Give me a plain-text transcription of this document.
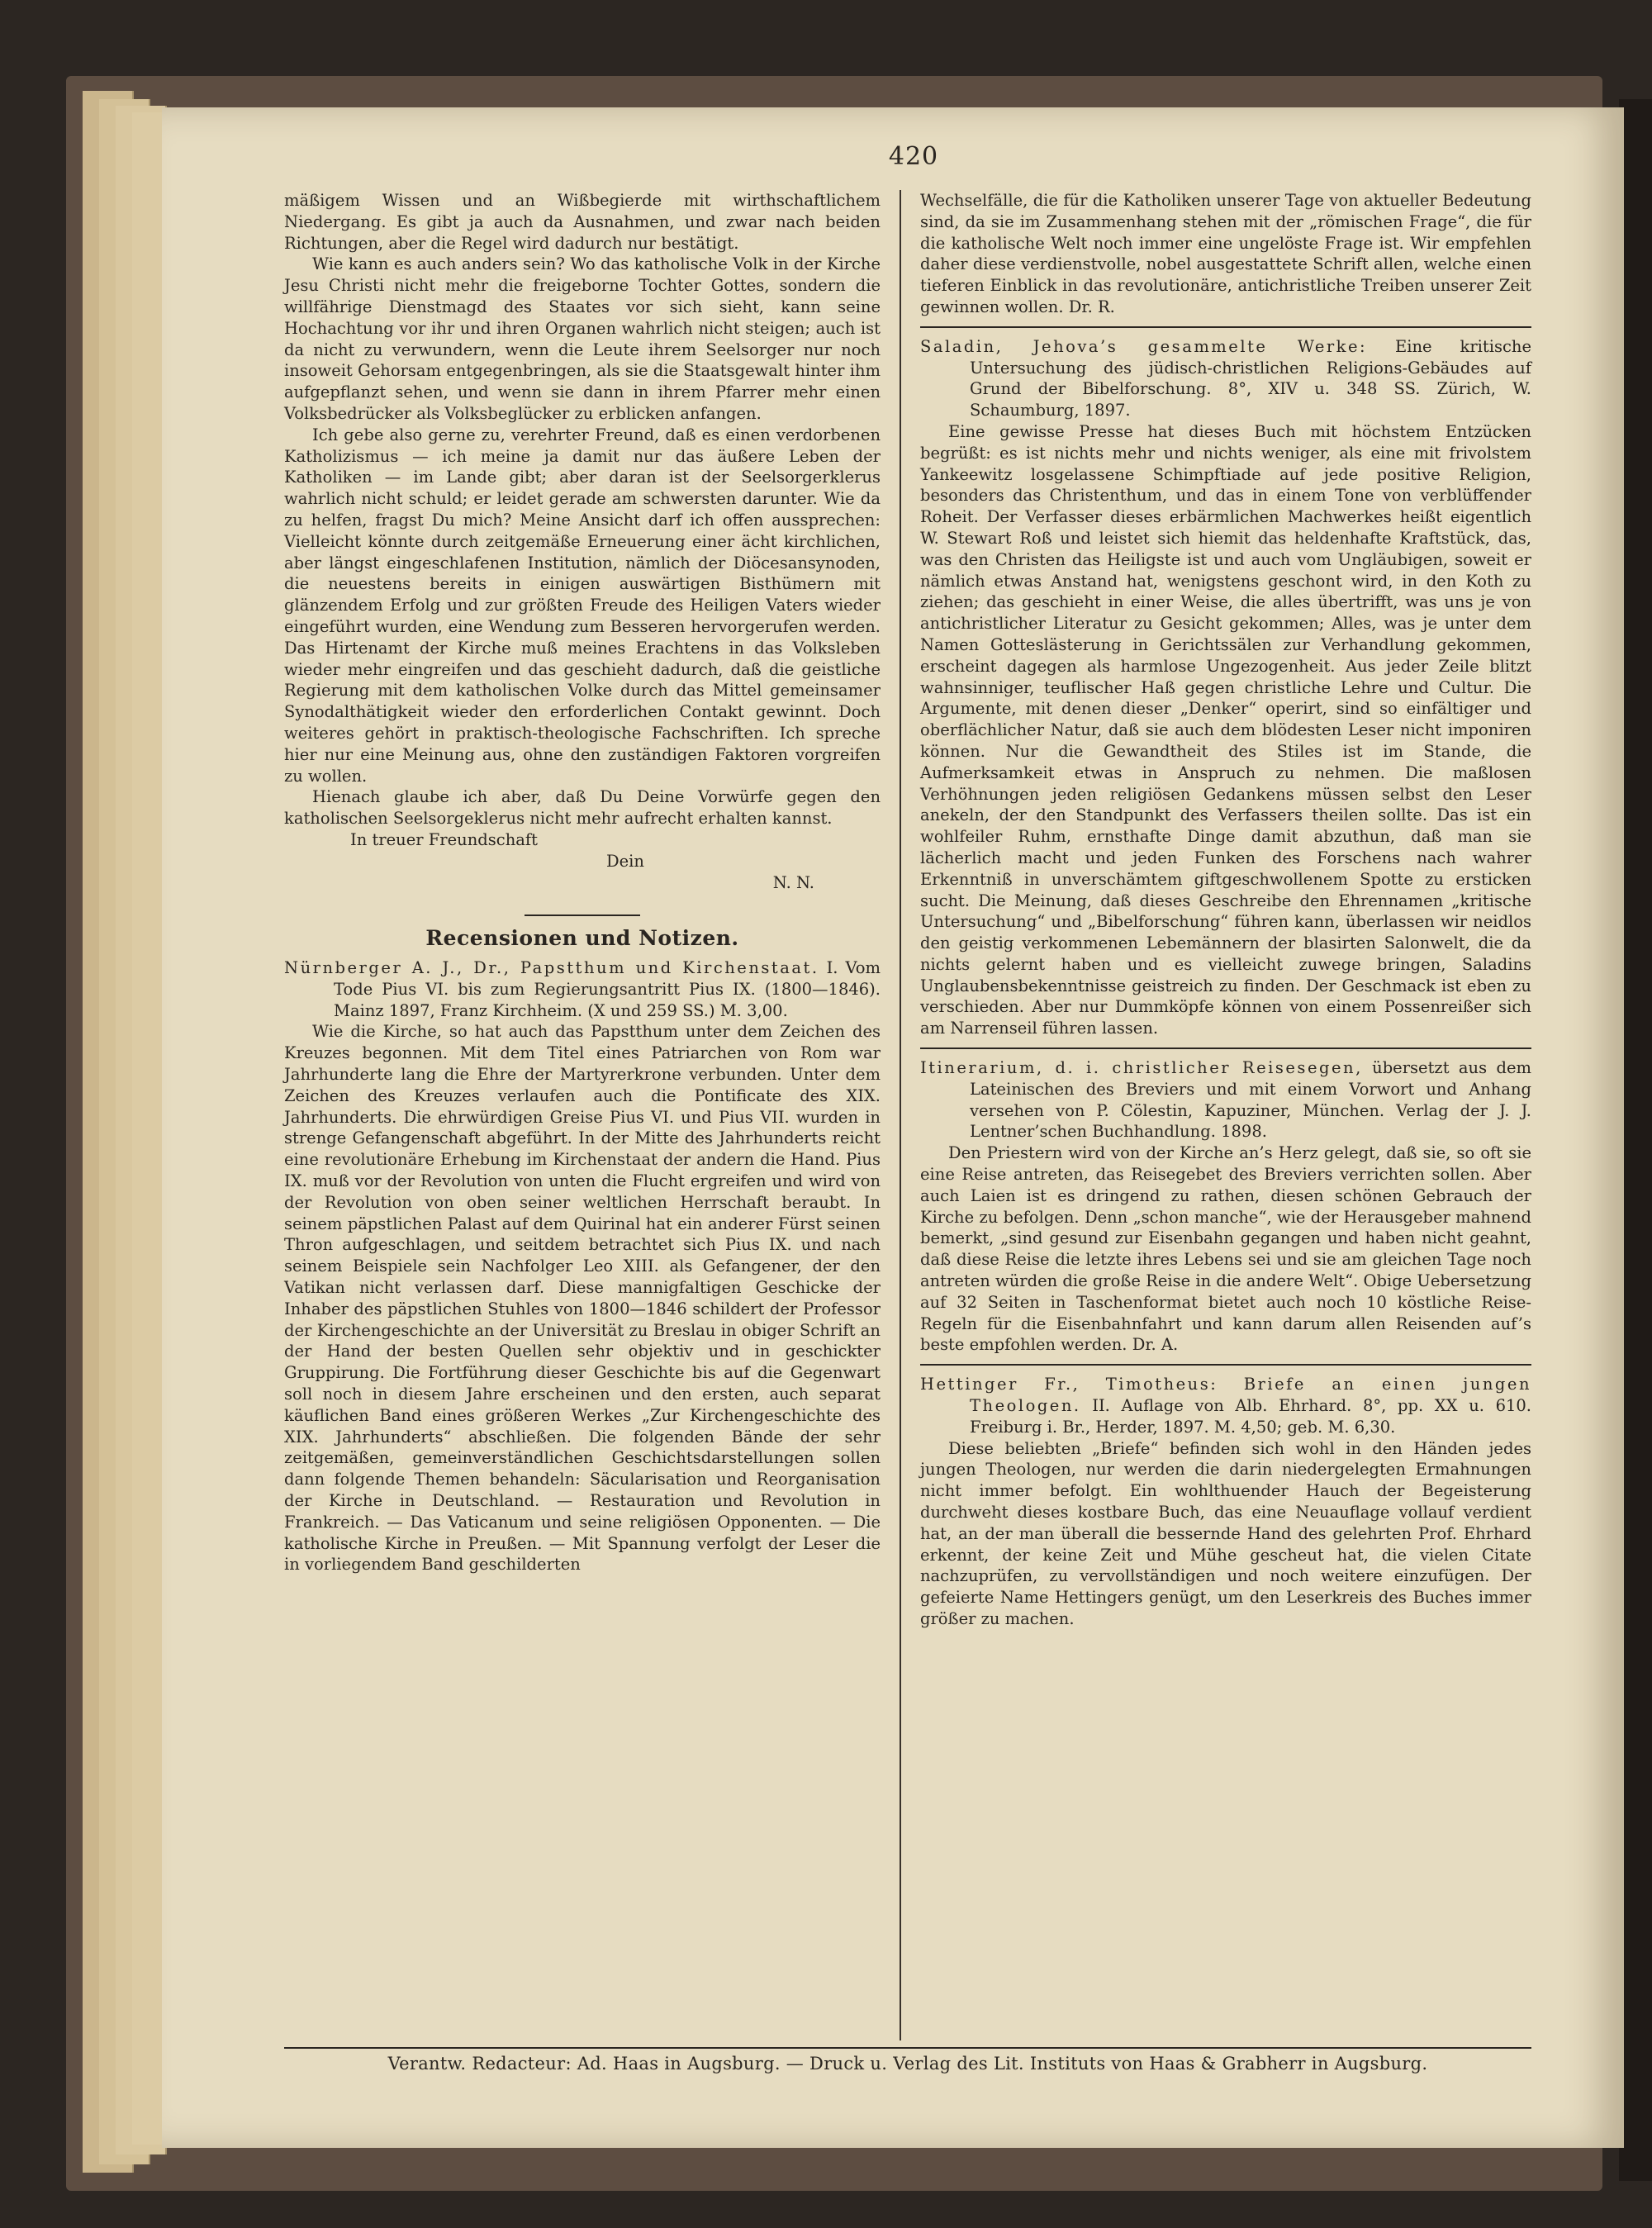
420

mäßigem Wissen und an Wißbegierde mit wirthschaftlichem Niedergang. Es gibt ja auch da Ausnahmen, und zwar nach beiden Richtungen, aber die Regel wird dadurch nur bestätigt.

Wie kann es auch anders sein? Wo das katholische Volk in der Kirche Jesu Christi nicht mehr die freigeborne Tochter Gottes, sondern die willfährige Dienstmagd des Staates vor sich sieht, kann seine Hochachtung vor ihr und ihren Organen wahrlich nicht steigen; auch ist da nicht zu verwundern, wenn die Leute ihrem Seelsorger nur noch insoweit Gehorsam entgegenbringen, als sie die Staatsgewalt hinter ihm aufgepflanzt sehen, und wenn sie dann in ihrem Pfarrer mehr einen Volksbedrücker als Volksbeglücker zu erblicken anfangen.

Ich gebe also gerne zu, verehrter Freund, daß es einen verdorbenen Katholizismus — ich meine ja damit nur das äußere Leben der Katholiken — im Lande gibt; aber daran ist der Seelsorgerklerus wahrlich nicht schuld; er leidet gerade am schwersten darunter. Wie da zu helfen, fragst Du mich? Meine Ansicht darf ich offen aussprechen: Vielleicht könnte durch zeitgemäße Erneuerung einer ächt kirchlichen, aber längst eingeschlafenen Institution, nämlich der Diöcesansynoden, die neuestens bereits in einigen auswärtigen Bisthümern mit glänzendem Erfolg und zur größten Freude des Heiligen Vaters wieder eingeführt wurden, eine Wendung zum Besseren hervorgerufen werden. Das Hirtenamt der Kirche muß meines Erachtens in das Volksleben wieder mehr eingreifen und das geschieht dadurch, daß die geistliche Regierung mit dem katholischen Volke durch das Mittel gemeinsamer Synodalthätigkeit wieder den erforderlichen Contakt gewinnt. Doch weiteres gehört in praktisch-theologische Fachschriften. Ich spreche hier nur eine Meinung aus, ohne den zuständigen Faktoren vorgreifen zu wollen.

Hienach glaube ich aber, daß Du Deine Vorwürfe gegen den katholischen Seelsorgeklerus nicht mehr aufrecht erhalten kannst.

In treuer Freundschaft

Dein

N. N.

Recensionen und Notizen.

Nürnberger A. J., Dr., Papstthum und Kirchenstaat. I. Vom Tode Pius VI. bis zum Regierungsantritt Pius IX. (1800—1846). Mainz 1897, Franz Kirchheim. (X und 259 SS.) M. 3,00.

Wie die Kirche, so hat auch das Papstthum unter dem Zeichen des Kreuzes begonnen. Mit dem Titel eines Patriarchen von Rom war Jahrhunderte lang die Ehre der Martyrerkrone verbunden. Unter dem Zeichen des Kreuzes verlaufen auch die Pontificate des XIX. Jahrhunderts. Die ehrwürdigen Greise Pius VI. und Pius VII. wurden in strenge Gefangenschaft abgeführt. In der Mitte des Jahrhunderts reicht eine revolutionäre Erhebung im Kirchenstaat der andern die Hand. Pius IX. muß vor der Revolution von unten die Flucht ergreifen und wird von der Revolution von oben seiner weltlichen Herrschaft beraubt. In seinem päpstlichen Palast auf dem Quirinal hat ein anderer Fürst seinen Thron aufgeschlagen, und seitdem betrachtet sich Pius IX. und nach seinem Beispiele sein Nachfolger Leo XIII. als Gefangener, der den Vatikan nicht verlassen darf. Diese mannigfaltigen Geschicke der Inhaber des päpstlichen Stuhles von 1800—1846 schildert der Professor der Kirchengeschichte an der Universität zu Breslau in obiger Schrift an der Hand der besten Quellen sehr objektiv und in geschickter Gruppirung. Die Fortführung dieser Geschichte bis auf die Gegenwart soll noch in diesem Jahre erscheinen und den ersten, auch separat käuflichen Band eines größeren Werkes „Zur Kirchengeschichte des XIX. Jahrhunderts“ abschließen. Die folgenden Bände der sehr zeitgemäßen, gemeinverständlichen Geschichtsdarstellungen sollen dann folgende Themen behandeln: Säcularisation und Reorganisation der Kirche in Deutschland. — Restauration und Revolution in Frankreich. — Das Vaticanum und seine religiösen Opponenten. — Die katholische Kirche in Preußen. — Mit Spannung verfolgt der Leser die in vorliegendem Band geschilderten

Wechselfälle, die für die Katholiken unserer Tage von aktueller Bedeutung sind, da sie im Zusammenhang stehen mit der „römischen Frage“, die für die katholische Welt noch immer eine ungelöste Frage ist. Wir empfehlen daher diese verdienstvolle, nobel ausgestattete Schrift allen, welche einen tieferen Einblick in das revolutionäre, antichristliche Treiben unserer Zeit gewinnen wollen. Dr. R.

Saladin, Jehova’s gesammelte Werke: Eine kritische Untersuchung des jüdisch-christlichen Religions-Gebäudes auf Grund der Bibelforschung. 8°, XIV u. 348 SS. Zürich, W. Schaumburg, 1897.

Eine gewisse Presse hat dieses Buch mit höchstem Entzücken begrüßt: es ist nichts mehr und nichts weniger, als eine mit frivolstem Yankeewitz losgelassene Schimpftiade auf jede positive Religion, besonders das Christenthum, und das in einem Tone von verblüffender Roheit. Der Verfasser dieses erbärmlichen Machwerkes heißt eigentlich W. Stewart Roß und leistet sich hiemit das heldenhafte Kraftstück, das, was den Christen das Heiligste ist und auch vom Ungläubigen, soweit er nämlich etwas Anstand hat, wenigstens geschont wird, in den Koth zu ziehen; das geschieht in einer Weise, die alles übertrifft, was uns je von antichristlicher Literatur zu Gesicht gekommen; Alles, was je unter dem Namen Gotteslästerung in Gerichtssälen zur Verhandlung gekommen, erscheint dagegen als harmlose Ungezogenheit. Aus jeder Zeile blitzt wahnsinniger, teuflischer Haß gegen christliche Lehre und Cultur. Die Argumente, mit denen dieser „Denker“ operirt, sind so einfältiger und oberflächlicher Natur, daß sie auch dem blödesten Leser nicht imponiren können. Nur die Gewandtheit des Stiles ist im Stande, die Aufmerksamkeit etwas in Anspruch zu nehmen. Die maßlosen Verhöhnungen jeden religiösen Gedankens müssen selbst den Leser anekeln, der den Standpunkt des Verfassers theilen sollte. Das ist ein wohlfeiler Ruhm, ernsthafte Dinge damit abzuthun, daß man sie lächerlich macht und jeden Funken des Forschens nach wahrer Erkenntniß in unverschämtem giftgeschwollenem Spotte zu ersticken sucht. Die Meinung, daß dieses Geschreibe den Ehrennamen „kritische Untersuchung“ und „Bibelforschung“ führen kann, überlassen wir neidlos den geistig verkommenen Lebemännern der blasirten Salonwelt, die da nichts gelernt haben und es vielleicht zuwege bringen, Saladins Unglaubensbekenntnisse geistreich zu finden. Der Geschmack ist eben zu verschieden. Aber nur Dummköpfe können von einem Possenreißer sich am Narrenseil führen lassen.

Itinerarium, d. i. christlicher Reisesegen, übersetzt aus dem Lateinischen des Breviers und mit einem Vorwort und Anhang versehen von P. Cölestin, Kapuziner, München. Verlag der J. J. Lentner’schen Buchhandlung. 1898.

Den Priestern wird von der Kirche an’s Herz gelegt, daß sie, so oft sie eine Reise antreten, das Reisegebet des Breviers verrichten sollen. Aber auch Laien ist es dringend zu rathen, diesen schönen Gebrauch der Kirche zu befolgen. Denn „schon manche“, wie der Herausgeber mahnend bemerkt, „sind gesund zur Eisenbahn gegangen und haben nicht geahnt, daß diese Reise die letzte ihres Lebens sei und sie am gleichen Tage noch antreten würden die große Reise in die andere Welt“. Obige Uebersetzung auf 32 Seiten in Taschenformat bietet auch noch 10 köstliche Reise-Regeln für die Eisenbahnfahrt und kann darum allen Reisenden auf’s beste empfohlen werden. Dr. A.

Hettinger Fr., Timotheus: Briefe an einen jungen Theologen. II. Auflage von Alb. Ehrhard. 8°, pp. XX u. 610. Freiburg i. Br., Herder, 1897. M. 4,50; geb. M. 6,30.

Diese beliebten „Briefe“ befinden sich wohl in den Händen jedes jungen Theologen, nur werden die darin niedergelegten Ermahnungen nicht immer befolgt. Ein wohlthuender Hauch der Begeisterung durchweht dieses kostbare Buch, das eine Neuauflage vollauf verdient hat, an der man überall die bessernde Hand des gelehrten Prof. Ehrhard erkennt, der keine Zeit und Mühe gescheut hat, die vielen Citate nachzuprüfen, zu vervollständigen und noch weitere einzufügen. Der gefeierte Name Hettingers genügt, um den Leserkreis des Buches immer größer zu machen.

Verantw. Redacteur: Ad. Haas in Augsburg. — Druck u. Verlag des Lit. Instituts von Haas & Grabherr in Augsburg.
